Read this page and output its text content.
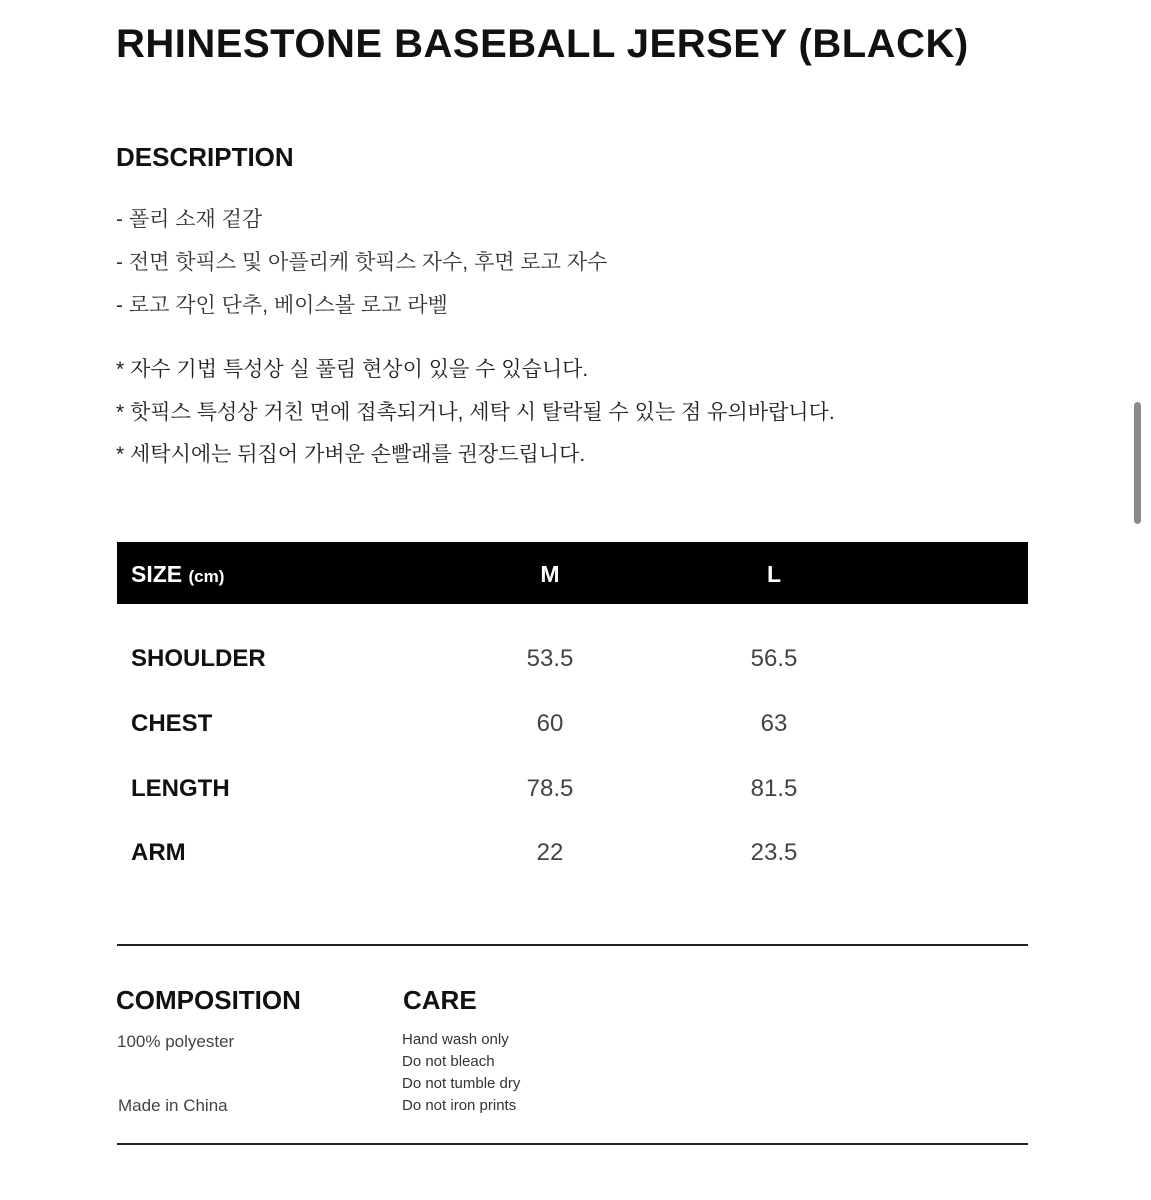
RHINESTONE BASEBALL JERSEY (BLACK)
DESCRIPTION
- 폴리 소재 겉감
- 전면 핫픽스 및 아플리케 핫픽스 자수, 후면 로고 자수
- 로고 각인 단추, 베이스볼 로고 라벨
* 자수 기법 특성상 실 풀림 현상이 있을 수 있습니다.
* 핫픽스 특성상 거친 면에 접촉되거나, 세탁 시 탈락될 수 있는 점 유의바랍니다.
* 세탁시에는 뒤집어 가벼운 손빨래를 권장드립니다.
SIZE (cm)	M	L
SHOULDER	53.5	56.5
CHEST	60	63
LENGTH	78.5	81.5
ARM	22	23.5
COMPOSITION
100% polyester
Made in China
CARE
Hand wash only
Do not bleach
Do not tumble dry
Do not iron prints
